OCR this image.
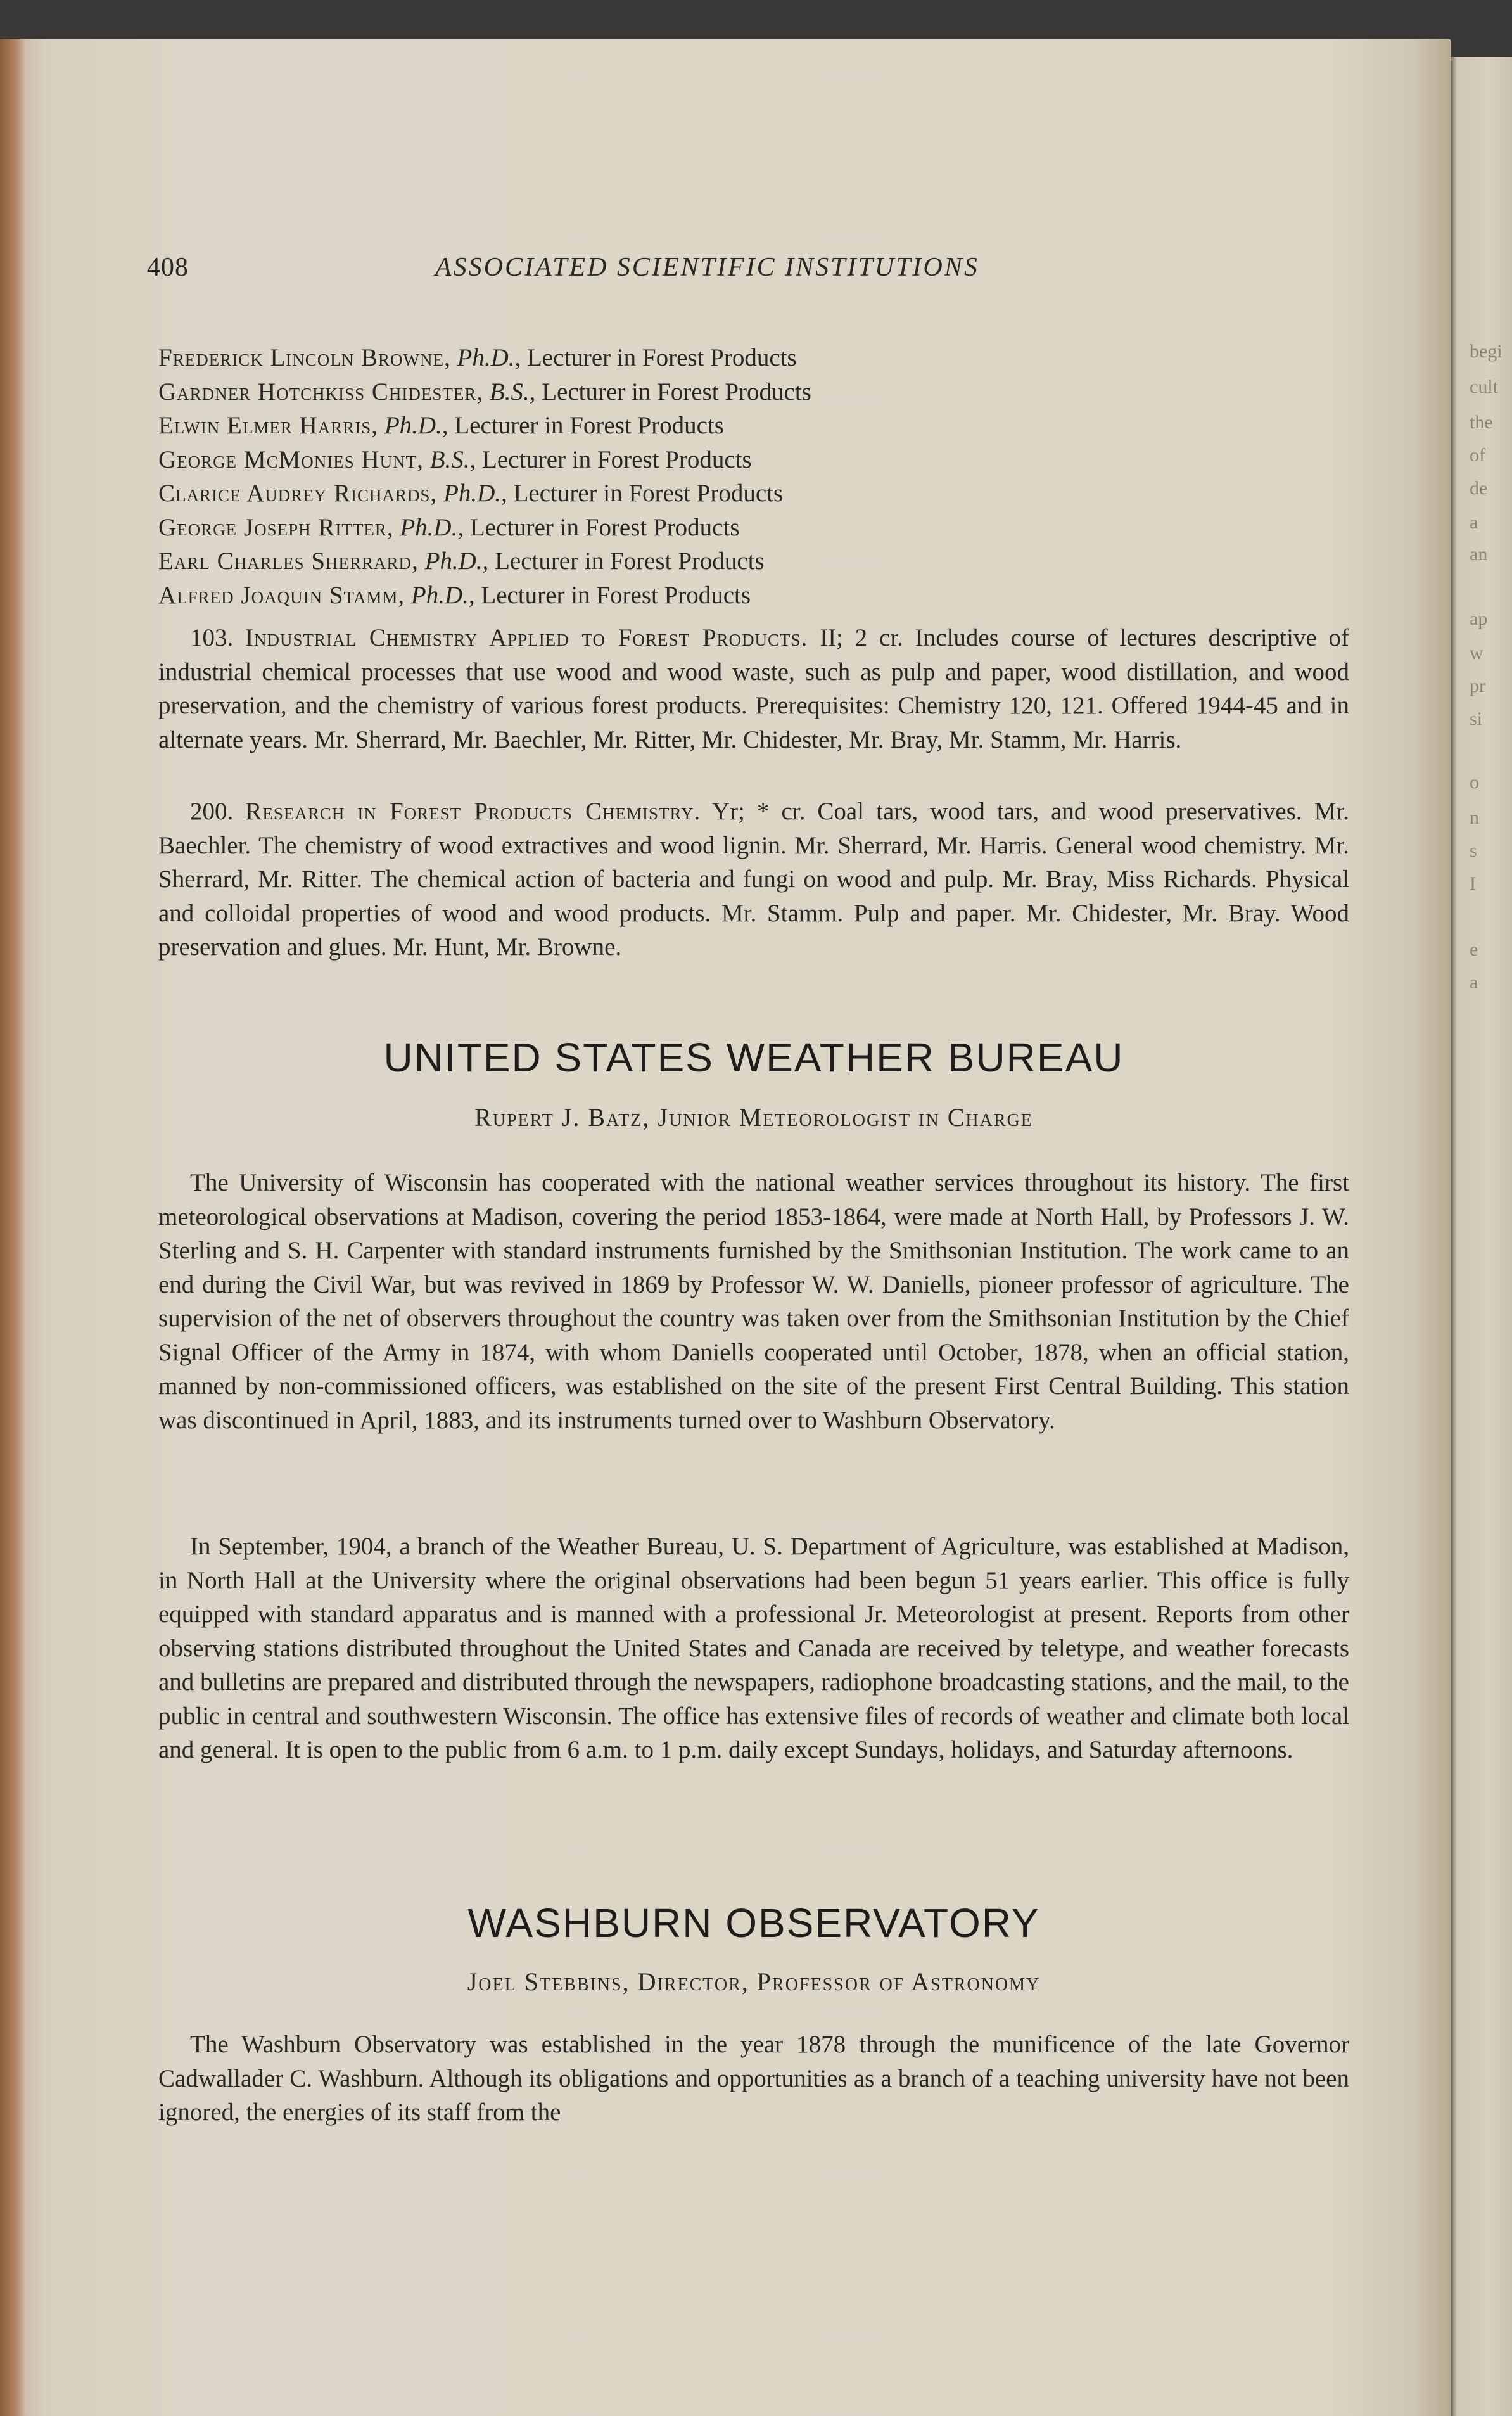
begi
cult
the
of
de
a
an
ap
w
pr
si
o
n
s
I
e
a
408	ASSOCIATED SCIENTIFIC INSTITUTIONS
Frederick Lincoln Browne, Ph.D., Lecturer in Forest Products
Gardner Hotchkiss Chidester, B.S., Lecturer in Forest Products
Elwin Elmer Harris, Ph.D., Lecturer in Forest Products
George McMonies Hunt, B.S., Lecturer in Forest Products
Clarice Audrey Richards, Ph.D., Lecturer in Forest Products
George Joseph Ritter, Ph.D., Lecturer in Forest Products
Earl Charles Sherrard, Ph.D., Lecturer in Forest Products
Alfred Joaquin Stamm, Ph.D., Lecturer in Forest Products
103. Industrial Chemistry Applied to Forest Products. II; 2 cr. Includes course of lectures descriptive of industrial chemical processes that use wood and wood waste, such as pulp and paper, wood distillation, and wood preservation, and the chemistry of various forest products. Prerequisites: Chemistry 120, 121. Offered 1944-45 and in alternate years. Mr. Sherrard, Mr. Baechler, Mr. Ritter, Mr. Chidester, Mr. Bray, Mr. Stamm, Mr. Harris.
200. Research in Forest Products Chemistry. Yr; * cr. Coal tars, wood tars, and wood preservatives. Mr. Baechler. The chemistry of wood extractives and wood lignin. Mr. Sherrard, Mr. Harris. General wood chemistry. Mr. Sherrard, Mr. Ritter. The chemical action of bacteria and fungi on wood and pulp. Mr. Bray, Miss Richards. Physical and colloidal properties of wood and wood products. Mr. Stamm. Pulp and paper. Mr. Chidester, Mr. Bray. Wood preservation and glues. Mr. Hunt, Mr. Browne.
UNITED STATES WEATHER BUREAU
Rupert J. Batz, Junior Meteorologist in Charge
The University of Wisconsin has cooperated with the national weather services throughout its history. The first meteorological observations at Madison, covering the period 1853-1864, were made at North Hall, by Professors J. W. Sterling and S. H. Carpenter with standard instruments furnished by the Smithsonian Institution. The work came to an end during the Civil War, but was revived in 1869 by Professor W. W. Daniells, pioneer professor of agriculture. The supervision of the net of observers throughout the country was taken over from the Smithsonian Institution by the Chief Signal Officer of the Army in 1874, with whom Daniells cooperated until October, 1878, when an official station, manned by non-commissioned officers, was established on the site of the present First Central Building. This station was discontinued in April, 1883, and its instruments turned over to Washburn Observatory.
In September, 1904, a branch of the Weather Bureau, U. S. Department of Agriculture, was established at Madison, in North Hall at the University where the original observations had been begun 51 years earlier. This office is fully equipped with standard apparatus and is manned with a professional Jr. Meteorologist at present. Reports from other observing stations distributed throughout the United States and Canada are received by teletype, and weather forecasts and bulletins are prepared and distributed through the newspapers, radiophone broadcasting stations, and the mail, to the public in central and southwestern Wisconsin. The office has extensive files of records of weather and climate both local and general. It is open to the public from 6 a.m. to 1 p.m. daily except Sundays, holidays, and Saturday afternoons.
WASHBURN OBSERVATORY
Joel Stebbins, Director, Professor of Astronomy
The Washburn Observatory was established in the year 1878 through the munificence of the late Governor Cadwallader C. Washburn. Although its obligations and opportunities as a branch of a teaching university have not been ignored, the energies of its staff from the
